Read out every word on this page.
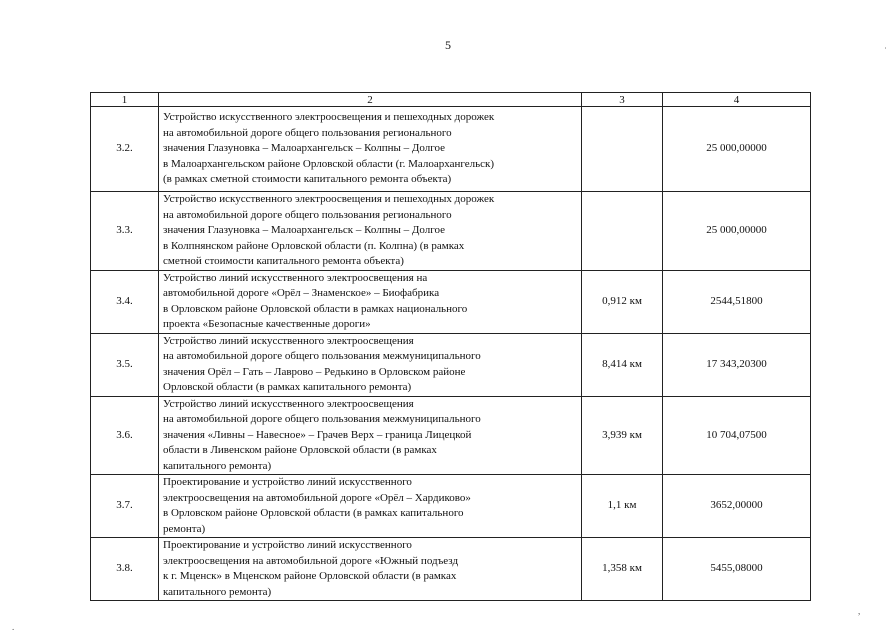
5
1	2	3	4
3.2.	Устройство искусственного электроосвещения и пешеходных дорожек
на автомобильной дороге общего пользования регионального
значения Глазуновка – Малоархангельск – Колпны – Долгое
в Малоархангельском районе Орловской области (г. Малоархангельск)
(в рамках сметной стоимости капитального ремонта объекта)		25 000,00000
3.3.	Устройство искусственного электроосвещения и пешеходных дорожек
на автомобильной дороге общего пользования регионального
значения Глазуновка – Малоархангельск – Колпны – Долгое
в Колпнянском районе Орловской области (п. Колпна) (в рамках
сметной стоимости капитального ремонта объекта)		25 000,00000
3.4.	Устройство линий искусственного электроосвещения на
автомобильной дороге «Орёл – Знаменское» – Биофабрика
в Орловском районе Орловской области в рамках национального
проекта «Безопасные качественные дороги»	0,912 км	2544,51800
3.5.	Устройство линий искусственного электроосвещения
на автомобильной дороге общего пользования межмуниципального
значения Орёл – Гать – Лаврово – Редькино в Орловском районе
Орловской области (в рамках капитального ремонта)	8,414 км	17 343,20300
3.6.	Устройство линий искусственного электроосвещения
на автомобильной дороге общего пользования межмуниципального
значения «Ливны – Навесное» – Грачев Верх – граница Лицецкой
области в Ливенском районе Орловской области (в рамках
капитального ремонта)	3,939 км	10 704,07500
3.7.	Проектирование и устройство линий искусственного
электроосвещения на автомобильной дороге «Орёл – Хардиково»
в Орловском районе Орловской области (в рамках капитального
ремонта)	1,1 км	3652,00000
3.8.	Проектирование и устройство линий искусственного
электроосвещения на автомобильной дороге «Южный подъезд
к г. Мценск» в Мценском районе Орловской области (в рамках
капитального ремонта)	1,358 км	5455,08000
˙
,
.
